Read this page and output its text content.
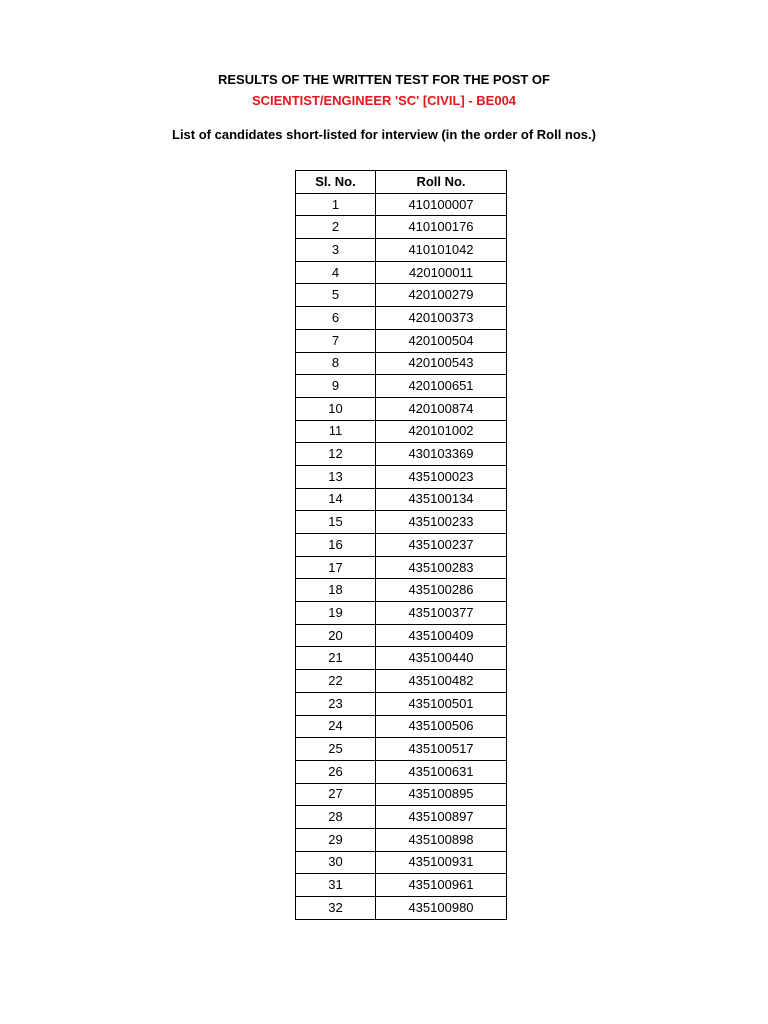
RESULTS OF THE WRITTEN TEST FOR THE POST OF
SCIENTIST/ENGINEER 'SC' [CIVIL] - BE004
List of candidates short-listed for interview (in the order of Roll nos.)
Sl. No.	Roll No.
1	410100007
2	410100176
3	410101042
4	420100011
5	420100279
6	420100373
7	420100504
8	420100543
9	420100651
10	420100874
11	420101002
12	430103369
13	435100023
14	435100134
15	435100233
16	435100237
17	435100283
18	435100286
19	435100377
20	435100409
21	435100440
22	435100482
23	435100501
24	435100506
25	435100517
26	435100631
27	435100895
28	435100897
29	435100898
30	435100931
31	435100961
32	435100980
